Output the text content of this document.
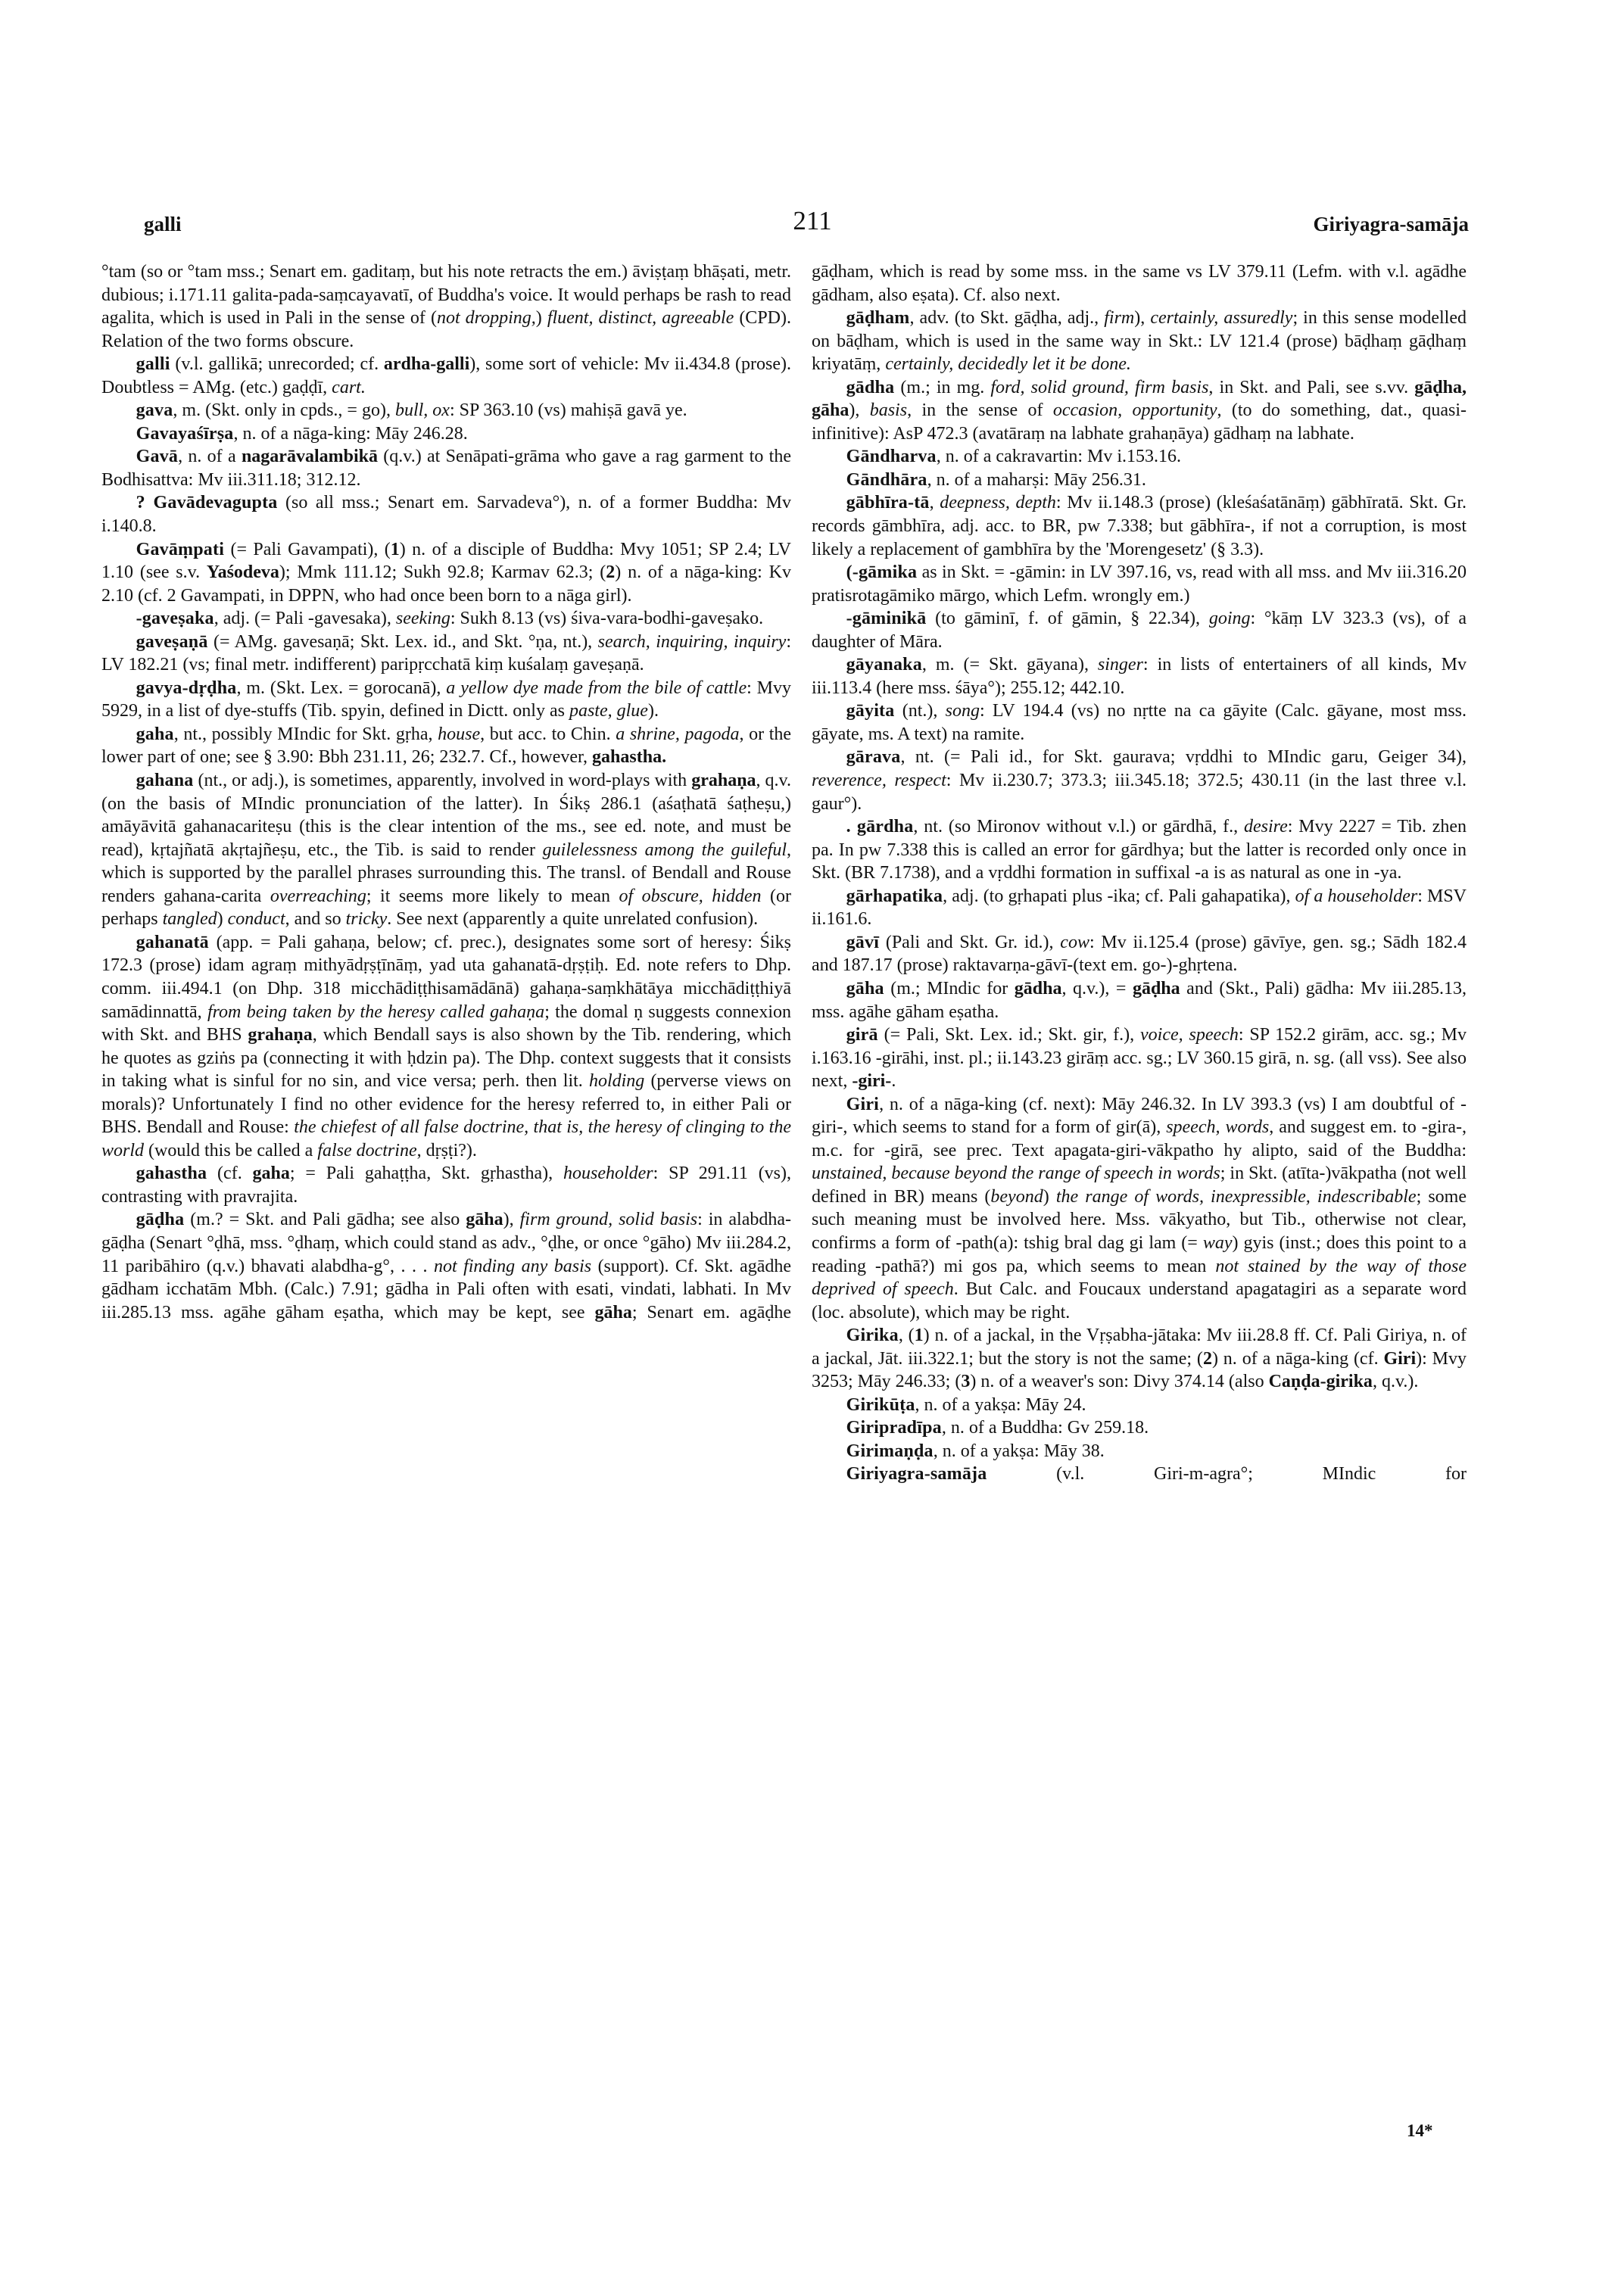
galli	211	Giriyagra-samāja

°tam (so or °tam mss.; Senart em. gaditaṃ, but his note retracts the em.) āviṣṭaṃ bhāṣati, metr. dubious; i.171.11 galita-pada-saṃcayavatī, of Buddha's voice. It would perhaps be rash to read agalita, which is used in Pali in the sense of (not dropping,) fluent, distinct, agreeable (CPD). Relation of the two forms obscure.

galli (v.l. gallikā; unrecorded; cf. ardha-galli), some sort of vehicle: Mv ii.434.8 (prose). Doubtless = AMg. (etc.) gaḍḍī, cart.

gava, m. (Skt. only in cpds., = go), bull, ox: SP 363.10 (vs) mahiṣā gavā ye.

Gavayaśīrṣa, n. of a nāga-king: Māy 246.28.

Gavā, n. of a nagarāvalambikā (q.v.) at Senāpati-grāma who gave a rag garment to the Bodhisattva: Mv iii.311.18; 312.12.

? Gavādevagupta (so all mss.; Senart em. Sarvadeva°), n. of a former Buddha: Mv i.140.8.

Gavāṃpati (= Pali Gavampati), (1) n. of a disciple of Buddha: Mvy 1051; SP 2.4; LV 1.10 (see s.v. Yaśodeva); Mmk 111.12; Sukh 92.8; Karmav 62.3; (2) n. of a nāga-king: Kv 2.10 (cf. 2 Gavampati, in DPPN, who had once been born to a nāga girl).

-gaveṣaka, adj. (= Pali -gavesaka), seeking: Sukh 8.13 (vs) śiva-vara-bodhi-gaveṣako.

gaveṣaṇā (= AMg. gavesaṇā; Skt. Lex. id., and Skt. °ṇa, nt.), search, inquiring, inquiry: LV 182.21 (vs; final metr. indifferent) paripṛcchatā kiṃ kuśalaṃ gaveṣaṇā.

gavya-dṛḍha, m. (Skt. Lex. = gorocanā), a yellow dye made from the bile of cattle: Mvy 5929, in a list of dye-stuffs (Tib. spyin, defined in Dictt. only as paste, glue).

gaha, nt., possibly MIndic for Skt. gṛha, house, but acc. to Chin. a shrine, pagoda, or the lower part of one; see § 3.90: Bbh 231.11, 26; 232.7. Cf., however, gahastha.

gahana (nt., or adj.), is sometimes, apparently, involved in word-plays with grahaṇa, q.v. (on the basis of MIndic pronunciation of the latter). In Śikṣ 286.1 (aśaṭhatā śaṭheṣu,) amāyāvitā gahanacariteṣu (this is the clear intention of the ms., see ed. note, and must be read), kṛtajñatā akṛtajñeṣu, etc., the Tib. is said to render guilelessness among the guileful, which is supported by the parallel phrases surrounding this. The transl. of Bendall and Rouse renders gahana-carita overreaching; it seems more likely to mean of obscure, hidden (or perhaps tangled) conduct, and so tricky. See next (apparently a quite unrelated confusion).

gahanatā (app. = Pali gahaṇa, below; cf. prec.), designates some sort of heresy: Śikṣ 172.3 (prose) idam agraṃ mithyādṛṣṭīnāṃ, yad uta gahanatā-dṛṣṭiḥ. Ed. note refers to Dhp. comm. iii.494.1 (on Dhp. 318 micchādiṭṭhisamādānā) gahaṇa-saṃkhātāya micchādiṭṭhiyā samādinnattā, from being taken by the heresy called gahaṇa; the domal ṇ suggests connexion with Skt. and BHS grahaṇa, which Bendall says is also shown by the Tib. rendering, which he quotes as gziṅs pa (connecting it with ḥdzin pa). The Dhp. context suggests that it consists in taking what is sinful for no sin, and vice versa; perh. then lit. holding (perverse views on morals)? Unfortunately I find no other evidence for the heresy referred to, in either Pali or BHS. Bendall and Rouse: the chiefest of all false doctrine, that is, the heresy of clinging to the world (would this be called a false doctrine, dṛṣṭi?).

gahastha (cf. gaha; = Pali gahaṭṭha, Skt. gṛhastha), householder: SP 291.11 (vs), contrasting with pravrajita.

gāḍha (m.? = Skt. and Pali gādha; see also gāha), firm ground, solid basis: in alabdha-gāḍha (Senart °ḍhā, mss. °ḍhaṃ, which could stand as adv., °ḍhe, or once °gāho) Mv iii.284.2, 11 paribāhiro (q.v.) bhavati alabdha-g°, . . . not finding any basis (support). Cf. Skt. agādhe gādham icchatām Mbh. (Calc.) 7.91; gādha in Pali often with esati, vindati, labhati. In Mv iii.285.13 mss. agāhe gāham eṣatha, which may be kept, see gāha; Senart em. agāḍhe

gāḍham, which is read by some mss. in the same vs LV 379.11 (Lefm. with v.l. agādhe gādham, also eṣata). Cf. also next.

gāḍham, adv. (to Skt. gāḍha, adj., firm), certainly, assuredly; in this sense modelled on bāḍham, which is used in the same way in Skt.: LV 121.4 (prose) bāḍhaṃ gāḍhaṃ kriyatāṃ, certainly, decidedly let it be done.

gādha (m.; in mg. ford, solid ground, firm basis, in Skt. and Pali, see s.vv. gāḍha, gāha), basis, in the sense of occasion, opportunity, (to do something, dat., quasi-infinitive): AsP 472.3 (avatāraṃ na labhate grahaṇāya) gādhaṃ na labhate.

Gāndharva, n. of a cakravartin: Mv i.153.16.

Gāndhāra, n. of a maharṣi: Māy 256.31.

gābhīra-tā, deepness, depth: Mv ii.148.3 (prose) (kleśaśatānāṃ) gābhīratā. Skt. Gr. records gāmbhīra, adj. acc. to BR, pw 7.338; but gābhīra-, if not a corruption, is most likely a replacement of gambhīra by the 'Morengesetz' (§ 3.3).

(-gāmika as in Skt. = -gāmin: in LV 397.16, vs, read with all mss. and Mv iii.316.20 pratisrotagāmiko mārgo, which Lefm. wrongly em.)

-gāminikā (to gāminī, f. of gāmin, § 22.34), going: °kāṃ LV 323.3 (vs), of a daughter of Māra.

gāyanaka, m. (= Skt. gāyana), singer: in lists of entertainers of all kinds, Mv iii.113.4 (here mss. śāya°); 255.12; 442.10.

gāyita (nt.), song: LV 194.4 (vs) no nṛtte na ca gāyite (Calc. gāyane, most mss. gāyate, ms. A text) na ramite.

gārava, nt. (= Pali id., for Skt. gaurava; vṛddhi to MIndic garu, Geiger 34), reverence, respect: Mv ii.230.7; 373.3; iii.345.18; 372.5; 430.11 (in the last three v.l. gaur°).

. gārdha, nt. (so Mironov without v.l.) or gārdhā, f., desire: Mvy 2227 = Tib. zhen pa. In pw 7.338 this is called an error for gārdhya; but the latter is recorded only once in Skt. (BR 7.1738), and a vṛddhi formation in suffixal -a is as natural as one in -ya.

gārhapatika, adj. (to gṛhapati plus -ika; cf. Pali gahapatika), of a householder: MSV ii.161.6.

gāvī (Pali and Skt. Gr. id.), cow: Mv ii.125.4 (prose) gāvīye, gen. sg.; Sādh 182.4 and 187.17 (prose) raktavarṇa-gāvī-(text em. go-)-ghṛtena.

gāha (m.; MIndic for gādha, q.v.), = gāḍha and (Skt., Pali) gādha: Mv iii.285.13, mss. agāhe gāham eṣatha.

girā (= Pali, Skt. Lex. id.; Skt. gir, f.), voice, speech: SP 152.2 girām, acc. sg.; Mv i.163.16 -girāhi, inst. pl.; ii.143.23 girāṃ acc. sg.; LV 360.15 girā, n. sg. (all vss). See also next, -giri-.

Giri, n. of a nāga-king (cf. next): Māy 246.32. In LV 393.3 (vs) I am doubtful of -giri-, which seems to stand for a form of gir(ā), speech, words, and suggest em. to -gira-, m.c. for -girā, see prec. Text apagata-giri-vākpatho hy alipto, said of the Buddha: unstained, because beyond the range of speech in words; in Skt. (atīta-)vākpatha (not well defined in BR) means (beyond) the range of words, inexpressible, indescribable; some such meaning must be involved here. Mss. vākyatho, but Tib., otherwise not clear, confirms a form of -path(a): tshig bral dag gi lam (= way) gyis (inst.; does this point to a reading -pathā?) mi gos pa, which seems to mean not stained by the way of those deprived of speech. But Calc. and Foucaux understand apagatagiri as a separate word (loc. absolute), which may be right.

Girika, (1) n. of a jackal, in the Vṛṣabha-jātaka: Mv iii.28.8 ff. Cf. Pali Giriya, n. of a jackal, Jāt. iii.322.1; but the story is not the same; (2) n. of a nāga-king (cf. Giri): Mvy 3253; Māy 246.33; (3) n. of a weaver's son: Divy 374.14 (also Caṇḍa-girika, q.v.).

Girikūṭa, n. of a yakṣa: Māy 24.

Giripradīpa, n. of a Buddha: Gv 259.18.

Girimaṇḍa, n. of a yakṣa: Māy 38.

Giriyagra-samāja (v.l. Giri-m-agra°; MIndic for

14*
